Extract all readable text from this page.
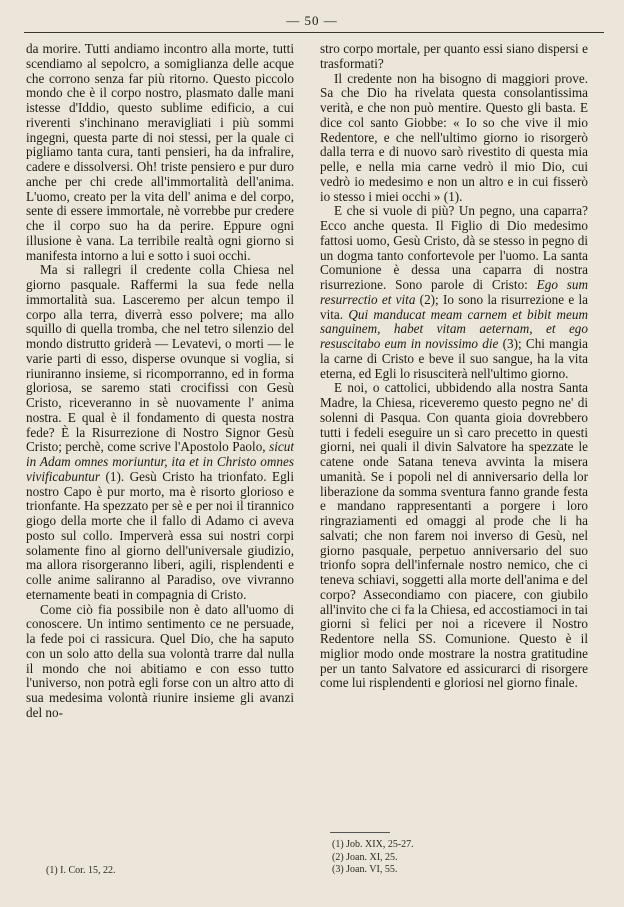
— 50 —

da morire. Tutti andiamo incontro alla morte, tutti scendiamo al sepolcro, a somiglianza delle acque che corrono senza far più ritorno. Questo piccolo mondo che è il corpo nostro, plasmato dalle mani istesse d'Iddio, questo sublime edificio, a cui riverenti s'inchinano meravigliati i più sommi ingegni, questa parte di noi stessi, per la quale ci pigliamo tanta cura, tanti pensieri, ha da infralire, cadere e dissolversi. Oh! triste pensiero e pur duro anche per chi crede all'immortalità dell'anima. L'uomo, creato per la vita dell' anima e del corpo, sente di essere immortale, nè vorrebbe pur credere che il corpo suo ha da perire. Eppure ogni illusione è vana. La terribile realtà ogni giorno si manifesta intorno a lui e sotto i suoi occhi.

Ma si rallegri il credente colla Chiesa nel giorno pasquale. Raffermi la sua fede nella immortalità sua. Lasceremo per alcun tempo il corpo alla terra, diverrà esso polvere; ma allo squillo di quella tromba, che nel tetro silenzio del mondo distrutto griderà — Levatevi, o morti — le varie parti di esso, disperse ovunque si voglia, si riuniranno insieme, si ricomporranno, ed in forma gloriosa, se saremo stati crocifissi con Gesù Cristo, riceveranno in sè nuovamente l' anima nostra. E qual è il fondamento di questa nostra fede? È la Risurrezione di Nostro Signor Gesù Cristo; perchè, come scrive l'Apostolo Paolo, sicut in Adam omnes moriuntur, ita et in Christo omnes vivificabuntur (1). Gesù Cristo ha trionfato. Egli nostro Capo è pur morto, ma è risorto glorioso e trionfante. Ha spezzato per sè e per noi il tirannico giogo della morte che il fallo di Adamo ci aveva posto sul collo. Imperverà essa sui nostri corpi solamente fino al giorno dell'universale giudizio, ma allora risorgeranno liberi, agili, risplendenti e colle anime saliranno al Paradiso, ove vivranno eternamente beati in compagnia di Cristo.

Come ciò fia possibile non è dato all'uomo di conoscere. Un intimo sentimento ce ne persuade, la fede poi ci rassicura. Quel Dio, che ha saputo con un solo atto della sua volontà trarre dal nulla il mondo che noi abitiamo e con esso tutto l'universo, non potrà egli forse con un altro atto di sua medesima volontà riunire insieme gli avanzi del no-

stro corpo mortale, per quanto essi siano dispersi e trasformati?

Il credente non ha bisogno di maggiori prove. Sa che Dio ha rivelata questa consolantissima verità, e che non può mentire. Questo gli basta. E dice col santo Giobbe: « Io so che vive il mio Redentore, e che nell'ultimo giorno io risorgerò dalla terra e di nuovo sarò rivestito di questa mia pelle, e nella mia carne vedrò il mio Dio, cui vedrò io medesimo e non un altro e in cui fisserò io stesso i miei occhi » (1).

E che si vuole di più? Un pegno, una caparra? Ecco anche questa. Il Figlio di Dio medesimo fattosi uomo, Gesù Cristo, dà se stesso in pegno di un dogma tanto confortevole per l'uomo. La santa Comunione è dessa una caparra di nostra risurrezione. Sono parole di Cristo: Ego sum resurrectio et vita (2); Io sono la risurrezione e la vita. Qui manducat meam carnem et bibit meum sanguinem, habet vitam aeternam, et ego resuscitabo eum in novissimo die (3); Chi mangia la carne di Cristo e beve il suo sangue, ha la vita eterna, ed Egli lo risusciterà nell'ultimo giorno.

E noi, o cattolici, ubbidendo alla nostra Santa Madre, la Chiesa, riceveremo questo pegno ne' di solenni di Pasqua. Con quanta gioia dovrebbero tutti i fedeli eseguire un sì caro precetto in questi giorni, nei quali il divin Salvatore ha spezzate le catene onde Satana teneva avvinta la misera umanità. Se i popoli nel di anniversario della lor liberazione da somma sventura fanno grande festa e mandano rappresentanti a porgere i loro ringraziamenti ed omaggi al prode che li ha salvati; che non farem noi inverso di Gesù, nel giorno pasquale, perpetuo anniversario del suo trionfo sopra dell'infernale nostro nemico, che ci teneva schiavi, soggetti alla morte dell'anima e del corpo? Assecondiamo con piacere, con giubilo all'invito che ci fa la Chiesa, ed accostiamoci in tai giorni sì felici per noi a ricevere il Nostro Redentore nella SS. Comunione. Questo è il miglior modo onde mostrare la nostra gratitudine per un tanto Salvatore ed assicurarci di risorgere come lui risplendenti e gloriosi nel giorno finale.

(1) I. Cor. 15, 22.
(1) Job. XIX, 25-27.
(2) Joan. XI, 25.
(3) Joan. VI, 55.
